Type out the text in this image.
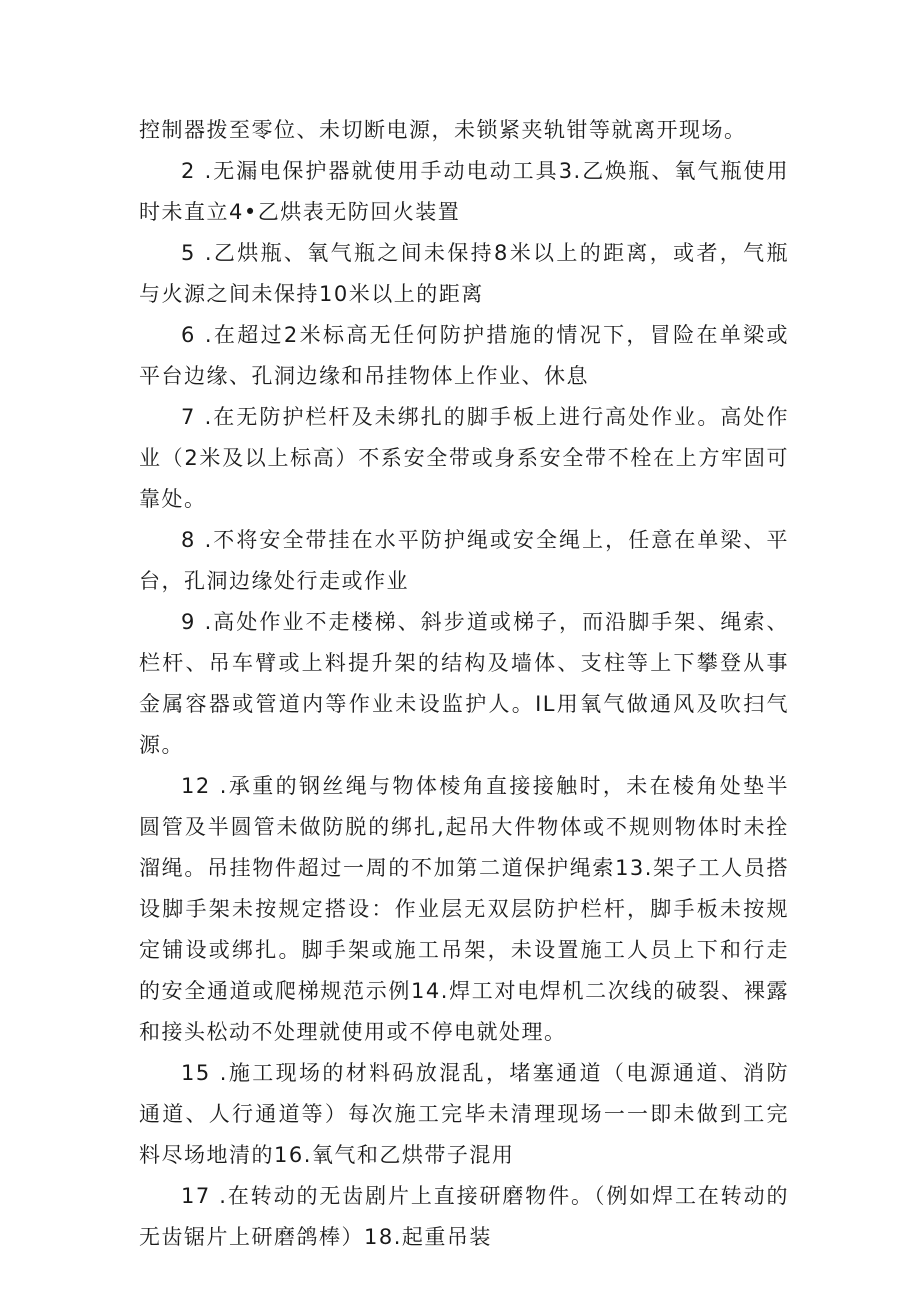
控制器拨至零位、未切断电源，未锁紧夹轨钳等就离开现场。

2 .无漏电保护器就使用手动电动工具3.乙焕瓶、氧气瓶使用时未直立4•乙烘表无防回火装置

5 .乙烘瓶、氧气瓶之间未保持8米以上的距离，或者，气瓶与火源之间未保持10米以上的距离

6 .在超过2米标高无任何防护措施的情况下，冒险在单梁或平台边缘、孔洞边缘和吊挂物体上作业、休息

7 .在无防护栏杆及未绑扎的脚手板上进行高处作业。高处作业（2米及以上标高）不系安全带或身系安全带不栓在上方牢固可靠处。

8 .不将安全带挂在水平防护绳或安全绳上，任意在单梁、平台，孔洞边缘处行走或作业

9 .高处作业不走楼梯、斜步道或梯子，而沿脚手架、绳索、栏杆、吊车臂或上料提升架的结构及墙体、支柱等上下攀登从事金属容器或管道内等作业未设监护人。IL用氧气做通风及吹扫气源。

12 .承重的钢丝绳与物体棱角直接接触时，未在棱角处垫半圆管及半圆管未做防脱的绑扎,起吊大件物体或不规则物体时未拴溜绳。吊挂物件超过一周的不加第二道保护绳索13.架子工人员搭设脚手架未按规定搭设：作业层无双层防护栏杆，脚手板未按规定铺设或绑扎。脚手架或施工吊架，未设置施工人员上下和行走的安全通道或爬梯规范示例14.焊工对电焊机二次线的破裂、裸露和接头松动不处理就使用或不停电就处理。

15 .施工现场的材料码放混乱，堵塞通道（电源通道、消防通道、人行通道等）每次施工完毕未清理现场一一即未做到工完料尽场地清的16.氧气和乙烘带子混用

17 .在转动的无齿剧片上直接研磨物件。（例如焊工在转动的无齿锯片上研磨鸽棒）18.起重吊装
